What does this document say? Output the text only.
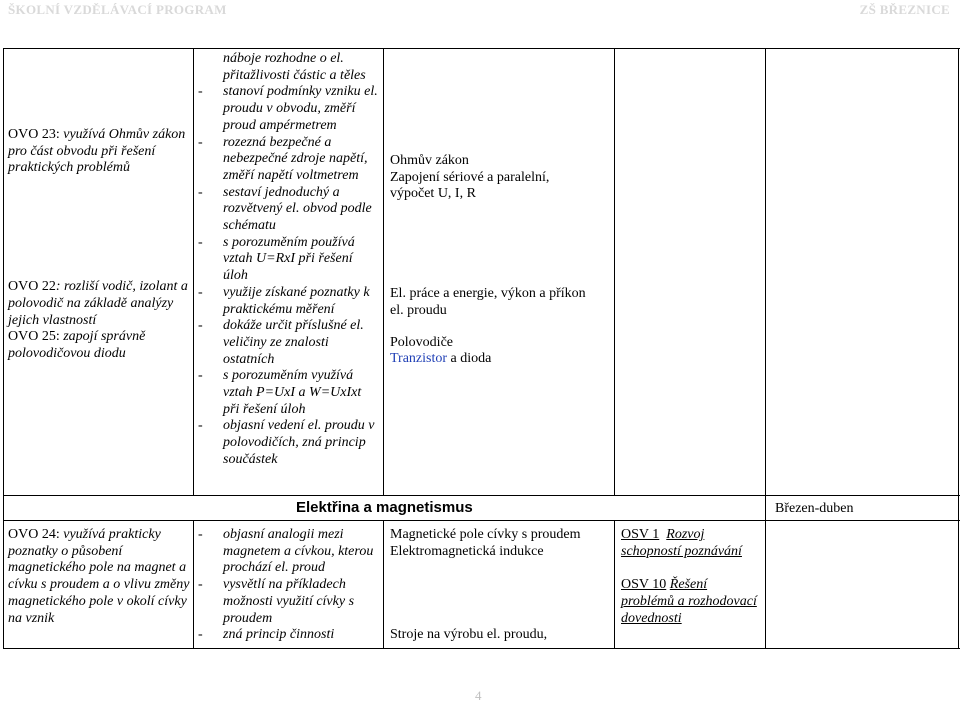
ŠKOLNÍ VZDĚLÁVACÍ PROGRAM	ZŠ BŘEZNICE
OVO 23: využívá Ohmův zákon pro část obvodu při řešení praktických problémů
OVO 22: rozliší vodič, izolant a polovodič na základě analýzy jejich vlastností
OVO 25: zapojí správně polovodičovou diodu
náboje rozhodne o el. přitažlivosti částic a těles
- stanoví podmínky vzniku el. proudu v obvodu, změří proud ampérmetrem
- rozezná bezpečné a nebezpečné zdroje napětí, změří napětí voltmetrem
- sestaví jednoduchý a rozvětvený el. obvod podle schématu
- s porozuměním používá vztah U=RxI při řešení úloh
- využije získané poznatky k praktickému měření
- dokáže určit příslušné el. veličiny ze znalosti ostatních
- s porozuměním využívá vztah P=UxI a W=UxIxt při řešení úloh
- objasní vedení el. proudu v polovodičích, zná princip součástek
Ohmův zákon
Zapojení sériové a paralelní,
výpočet U, I, R
El. práce a energie, výkon a příkon
el. proudu
Polovodiče
Tranzistor a dioda
Elektřina a magnetismus	Březen-duben
OVO 24: využívá prakticky poznatky o působení magnetického pole na magnet a cívku s proudem a o vlivu změny magnetického pole v okolí cívky na vznik
- objasní analogii mezi magnetem a cívkou, kterou prochází el. proud
- vysvětlí na příkladech možnosti využití cívky s proudem
- zná princip činnosti
Magnetické pole cívky s proudem
Elektromagnetická indukce
Stroje na výrobu el. proudu,
OSV 1 Rozvoj schopností poznávání
OSV 10 Řešení problémů a rozhodovací dovednosti
4
